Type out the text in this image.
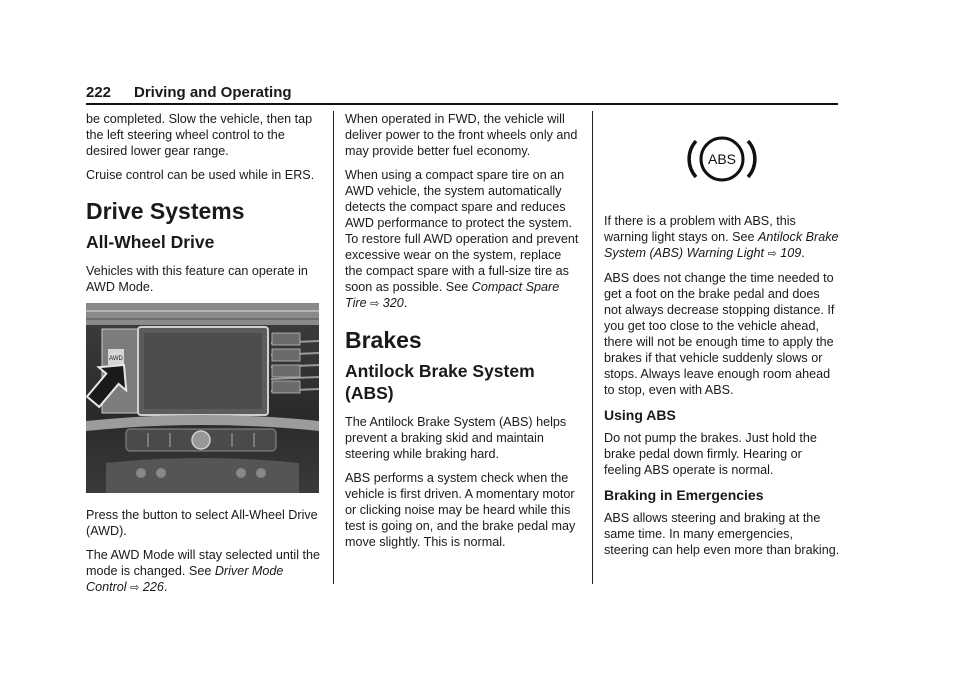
222 Driving and Operating

be completed. Slow the vehicle, then tap the left steering wheel control to the desired lower gear range.

Cruise control can be used while in ERS.

Drive Systems
All-Wheel Drive

Vehicles with this feature can operate in AWD Mode.

AWD

Press the button to select All-Wheel Drive (AWD).

The AWD Mode will stay selected until the mode is changed. See Driver Mode Control ⇨ 226.

When operated in FWD, the vehicle will deliver power to the front wheels only and may provide better fuel economy.

When using a compact spare tire on an AWD vehicle, the system automatically detects the compact spare and reduces AWD performance to protect the system. To restore full AWD operation and prevent excessive wear on the system, replace the compact spare with a full-size tire as soon as possible. See Compact Spare Tire ⇨ 320.

Brakes
Antilock Brake System (ABS)

The Antilock Brake System (ABS) helps prevent a braking skid and maintain steering while braking hard.

ABS performs a system check when the vehicle is first driven. A momentary motor or clicking noise may be heard while this test is going on, and the brake pedal may move slightly. This is normal.

ABS

If there is a problem with ABS, this warning light stays on. See Antilock Brake System (ABS) Warning Light ⇨ 109.

ABS does not change the time needed to get a foot on the brake pedal and does not always decrease stopping distance. If you get too close to the vehicle ahead, there will not be enough time to apply the brakes if that vehicle suddenly slows or stops. Always leave enough room ahead to stop, even with ABS.

Using ABS

Do not pump the brakes. Just hold the brake pedal down firmly. Hearing or feeling ABS operate is normal.

Braking in Emergencies

ABS allows steering and braking at the same time. In many emergencies, steering can help even more than braking.
